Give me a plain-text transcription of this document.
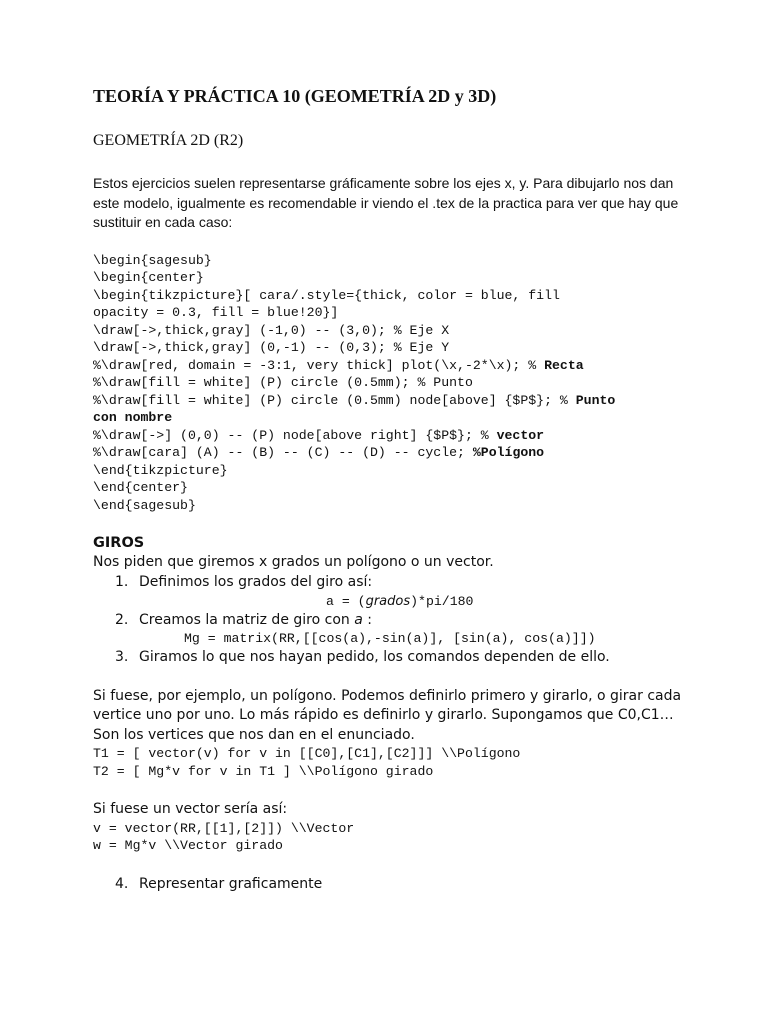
TEORÍA Y PRÁCTICA 10 (GEOMETRÍA 2D y 3D)
GEOMETRÍA 2D (R2)

Estos ejercicios suelen representarse gráficamente sobre los ejes x, y. Para dibujarlo nos dan este modelo, igualmente es recomendable ir viendo el .tex de la practica para ver que hay que sustituir en cada caso:

\begin{sagesub}
\begin{center}
\begin{tikzpicture}[ cara/.style={thick, color = blue, fill
opacity = 0.3, fill = blue!20}]
\draw[->,thick,gray] (-1,0) -- (3,0); % Eje X
\draw[->,thick,gray] (0,-1) -- (0,3); % Eje Y
%\draw[red, domain = -3:1, very thick] plot(\x,-2*\x); % Recta
%\draw[fill = white] (P) circle (0.5mm); % Punto
%\draw[fill = white] (P) circle (0.5mm) node[above] {$P$}; % Punto
con nombre
%\draw[->] (0,0) -- (P) node[above right] {$P$}; % vector
%\draw[cara] (A) -- (B) -- (C) -- (D) -- cycle; %Polígono
\end{tikzpicture}
\end{center}
\end{sagesub}
GIROS
Nos piden que giremos x grados un polígono o un vector.
1. Definimos los grados del giro así:
a = (grados)*pi/180
2. Creamos la matriz de giro con a :
Mg = matrix(RR,[[cos(a),-sin(a)], [sin(a), cos(a)]])
3. Giramos lo que nos hayan pedido, los comandos dependen de ello.
Si fuese, por ejemplo, un polígono. Podemos definirlo primero y girarlo, o girar cada vertice uno por uno. Lo más rápido es definirlo y girarlo. Supongamos que C0,C1…Son los vertices que nos dan en el enunciado.
T1 = [ vector(v) for v in [[C0],[C1],[C2]]] \\Polígono
T2 = [ Mg*v for v in T1 ] \\Polígono girado
Si fuese un vector sería así:
v = vector(RR,[[1],[2]]) \\Vector
w = Mg*v \\Vector girado
4. Representar graficamente
